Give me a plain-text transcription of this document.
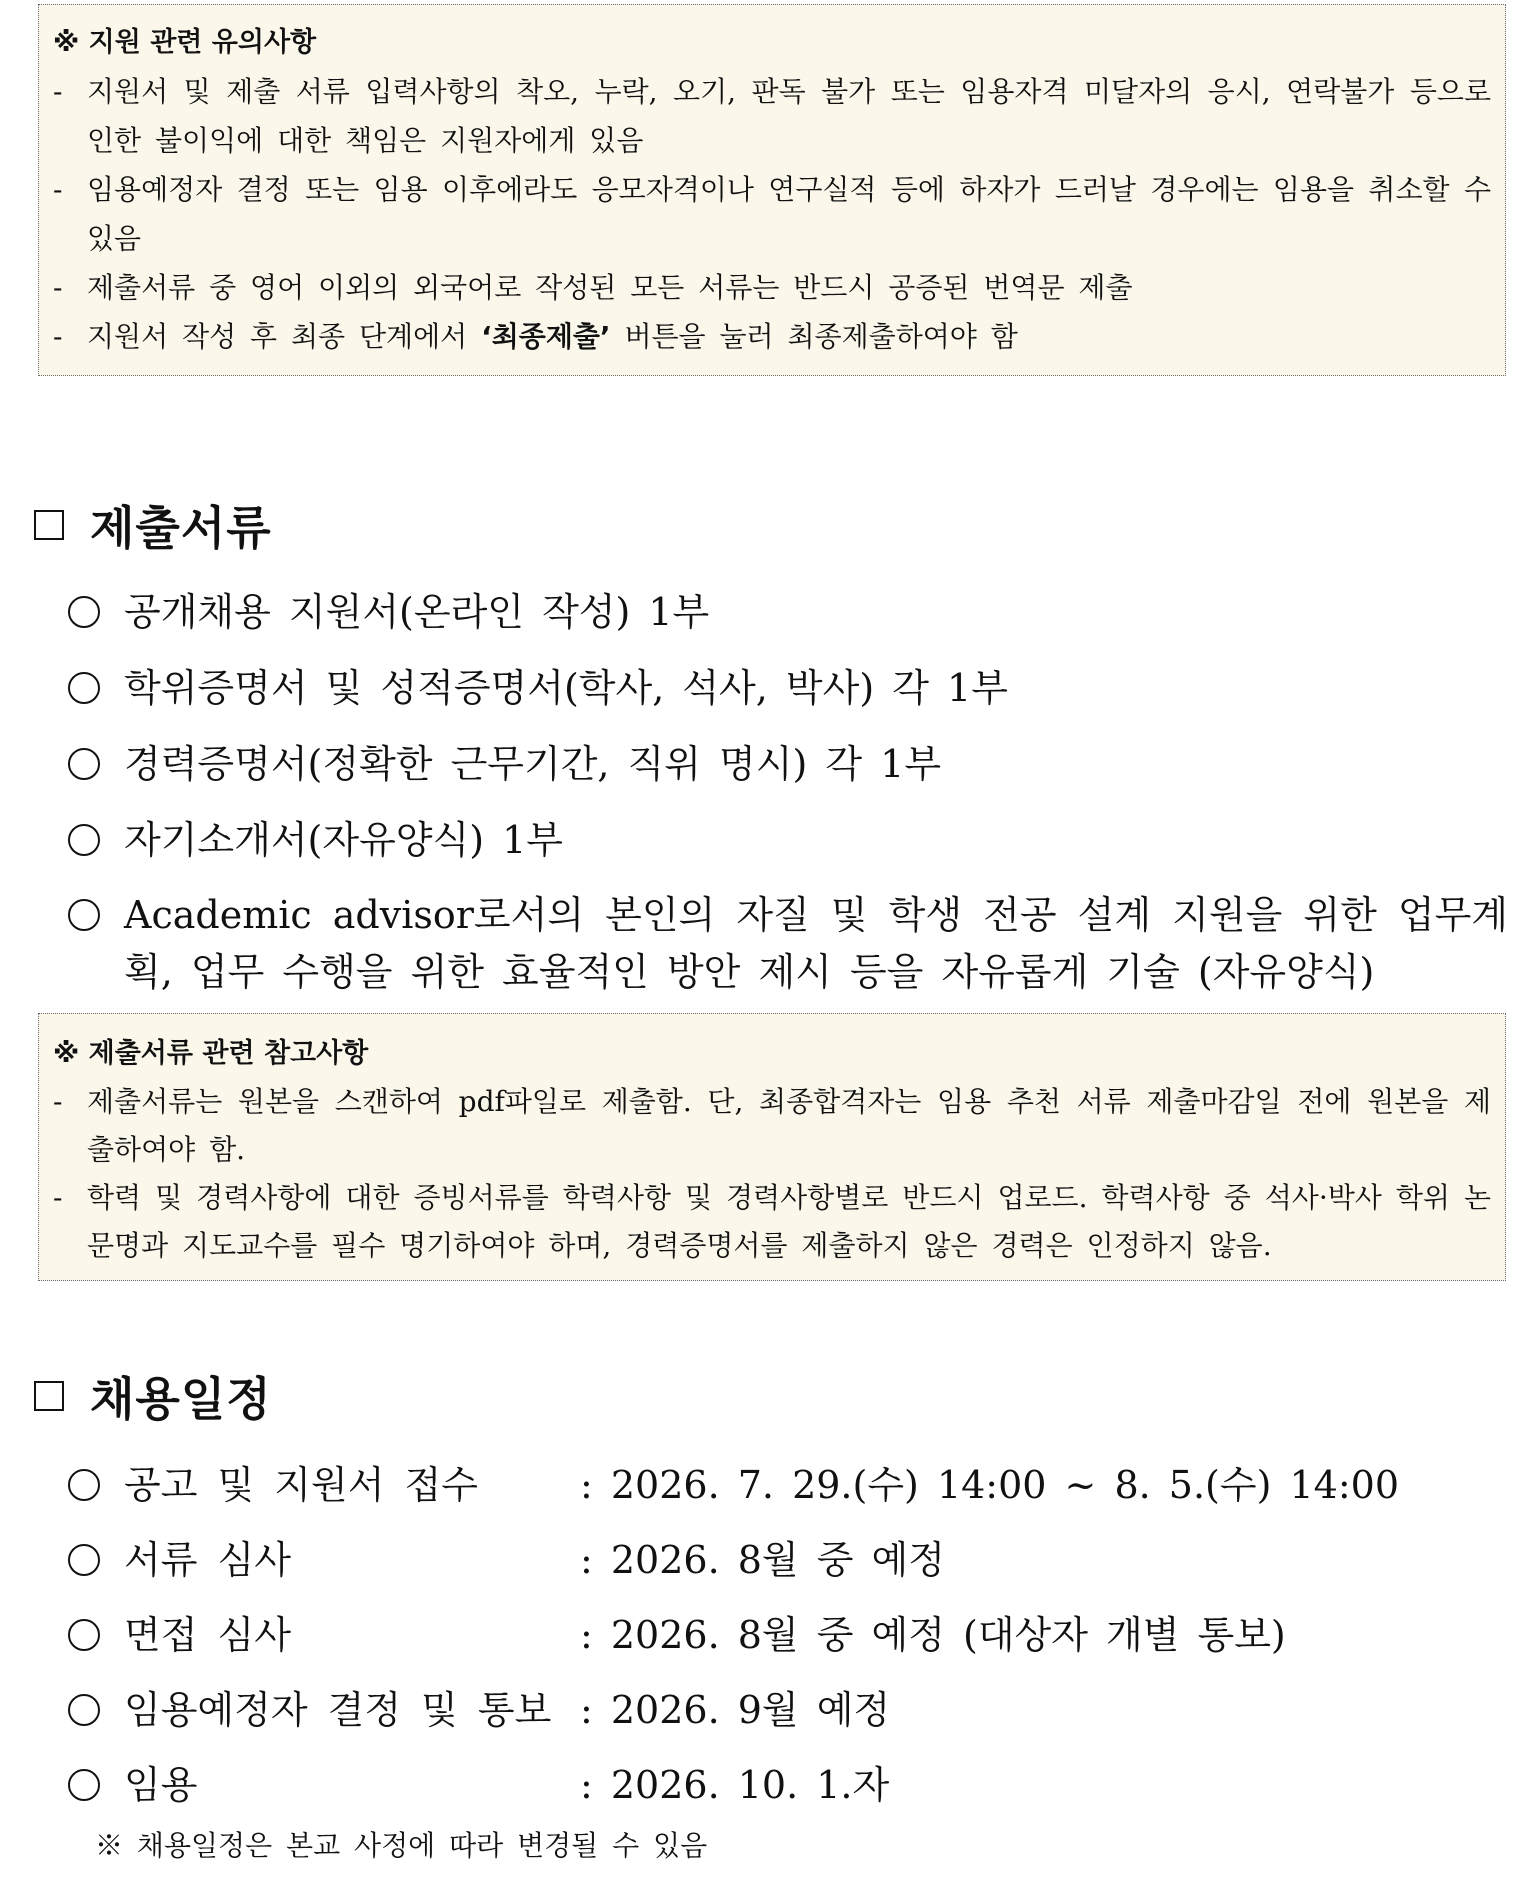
※ 지원 관련 유의사항
- 지원서 및 제출 서류 입력사항의 착오, 누락, 오기, 판독 불가 또는 임용자격 미달자의 응시, 연락불가 등으로 인한 불이익에 대한 책임은 지원자에게 있음
- 임용예정자 결정 또는 임용 이후에라도 응모자격이나 연구실적 등에 하자가 드러날 경우에는 임용을 취소할 수 있음
- 제출서류 중 영어 이외의 외국어로 작성된 모든 서류는 반드시 공증된 번역문 제출
- 지원서 작성 후 최종 단계에서 ‘최종제출’ 버튼을 눌러 최종제출하여야 함
제출서류
공개채용 지원서(온라인 작성) 1부
학위증명서 및 성적증명서(학사, 석사, 박사) 각 1부
경력증명서(정확한 근무기간, 직위 명시) 각 1부
자기소개서(자유양식) 1부
Academic advisor로서의 본인의 자질 및 학생 전공 설계 지원을 위한 업무계획, 업무 수행을 위한 효율적인 방안 제시 등을 자유롭게 기술 (자유양식)
※ 제출서류 관련 참고사항
- 제출서류는 원본을 스캔하여 pdf파일로 제출함. 단, 최종합격자는 임용 추천 서류 제출마감일 전에 원본을 제출하여야 함.
- 학력 및 경력사항에 대한 증빙서류를 학력사항 및 경력사항별로 반드시 업로드. 학력사항 중 석사·박사 학위 논문명과 지도교수를 필수 명기하여야 하며, 경력증명서를 제출하지 않은 경력은 인정하지 않음.
채용일정
공고 및 지원서 접수	: 2026. 7. 29.(수) 14:00 ~ 8. 5.(수) 14:00
서류 심사	: 2026. 8월 중 예정
면접 심사	: 2026. 8월 중 예정 (대상자 개별 통보)
임용예정자 결정 및 통보 : 2026. 9월 예정
임용	: 2026. 10. 1.자
※ 채용일정은 본교 사정에 따라 변경될 수 있음
